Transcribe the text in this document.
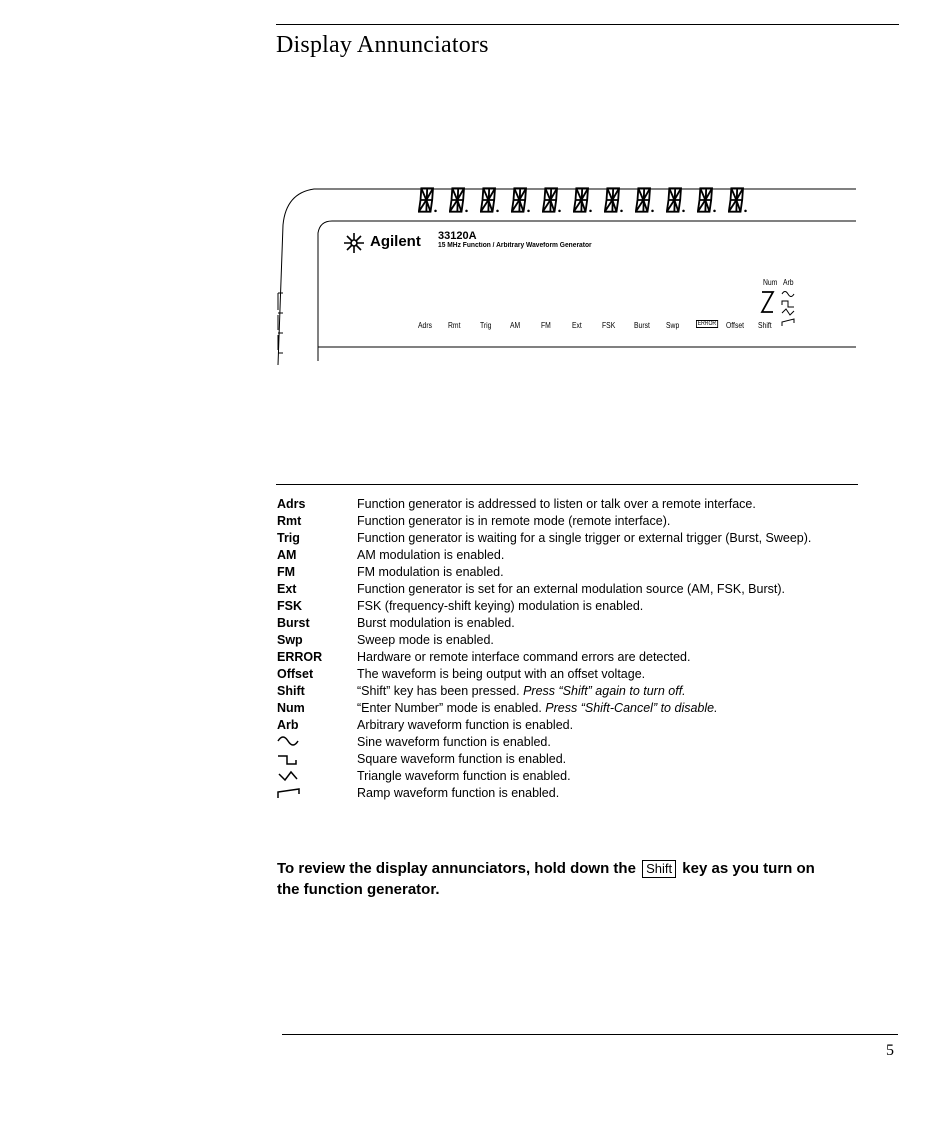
Display Annunciators
Agilent 33120A
15 MHz Function / Arbitrary Waveform Generator
Num Arb
Adrs Rmt Trig AM	FM	Ext	FSK Burst Swp	ERROR Offset Shift
Adrs	Function generator is addressed to listen or talk over a remote interface.
Rmt	Function generator is in remote mode (remote interface).
Trig	Function generator is waiting for a single trigger or external trigger (Burst, Sweep).
AM	AM modulation is enabled.
FM	FM modulation is enabled.
Ext	Function generator is set for an external modulation source (AM, FSK, Burst).
FSK	FSK (frequency-shift keying) modulation is enabled.
Burst	Burst modulation is enabled.
Swp	Sweep mode is enabled.
ERROR	Hardware or remote interface command errors are detected.
Offset	The waveform is being output with an offset voltage.
Shift	“Shift” key has been pressed. Press “Shift” again to turn off.
Num	“Enter Number” mode is enabled. Press “Shift-Cancel” to disable.
Arb	Arbitrary waveform function is enabled.
Sine waveform function is enabled.
Square waveform function is enabled.
Triangle waveform function is enabled.
Ramp waveform function is enabled.
To review the display annunciators, hold down the Shift key as you turn on the function generator.
5
